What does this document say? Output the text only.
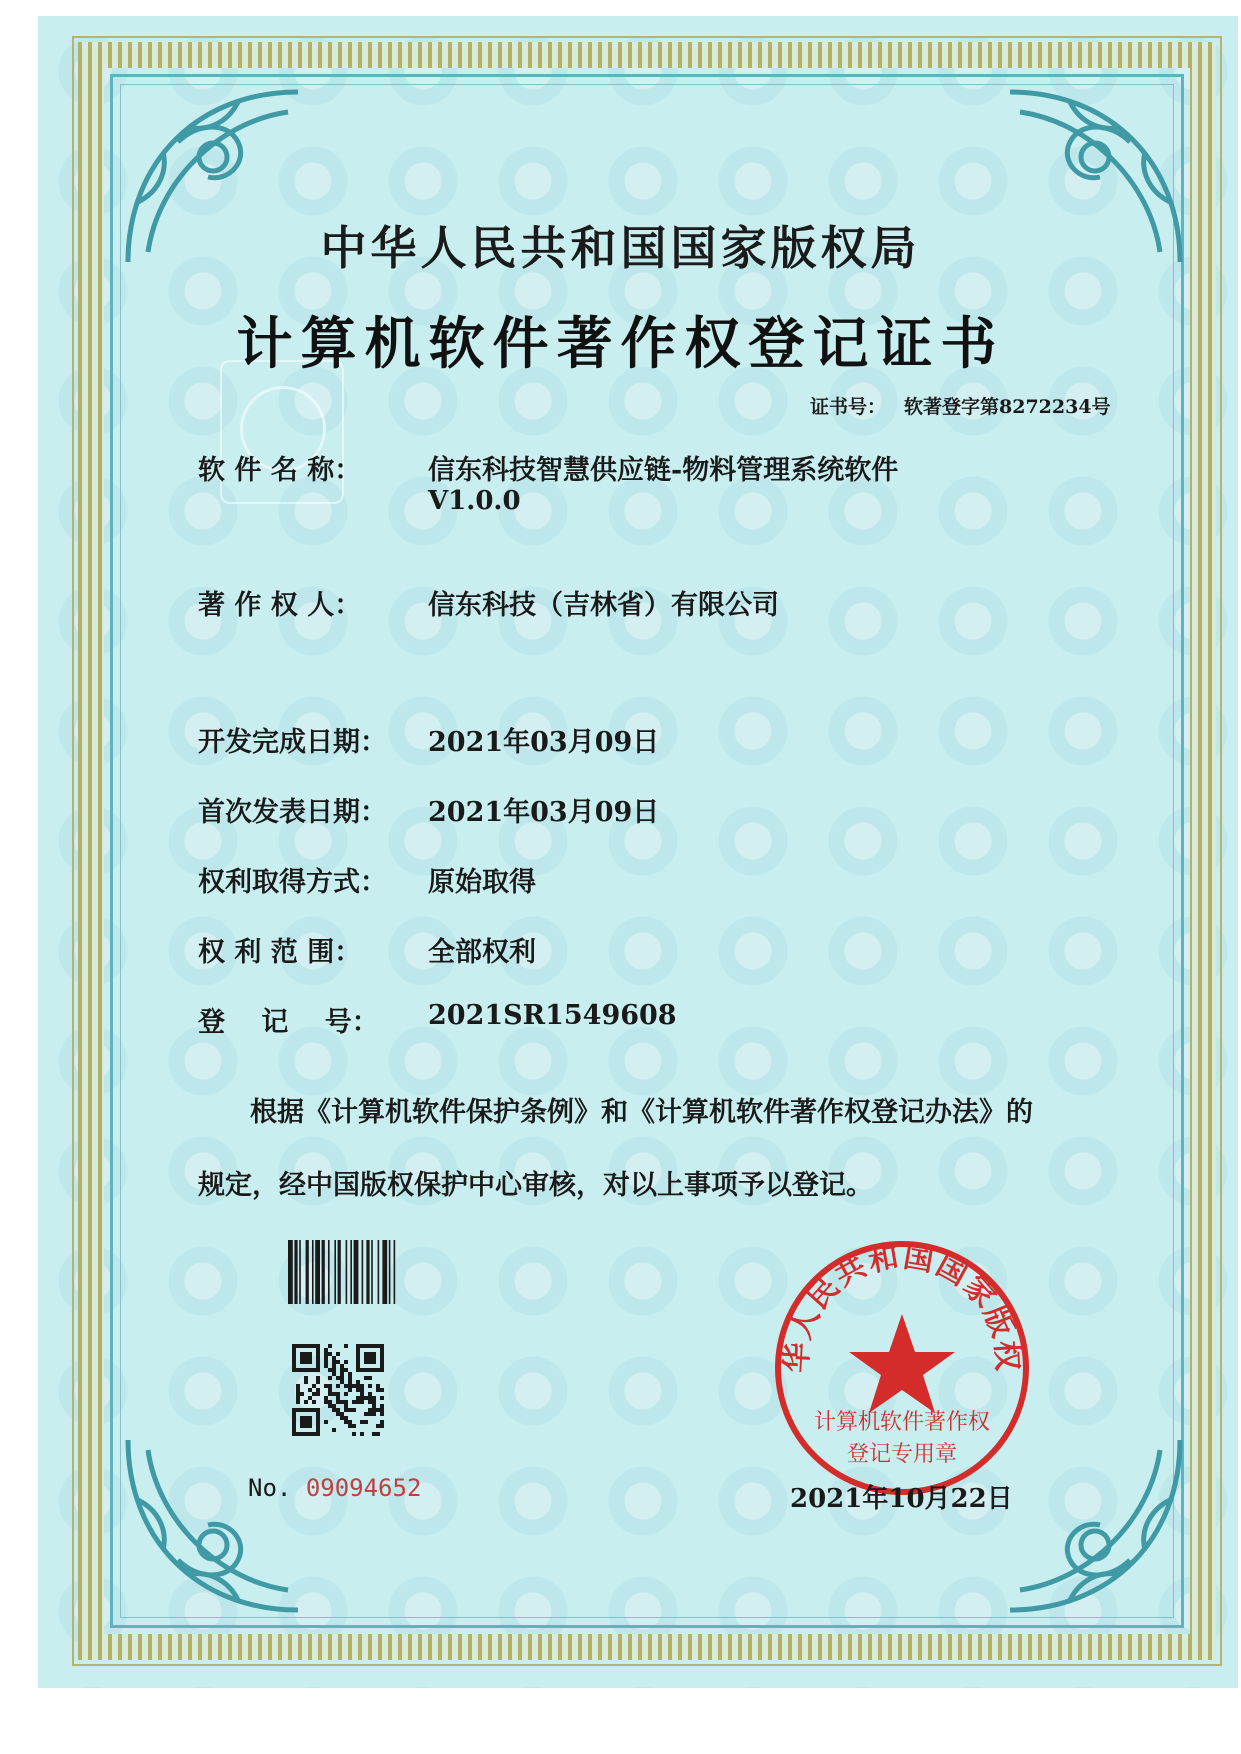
中华人民共和国国家版权局
计算机软件著作权登记证书
证书号： 软著登字第8272234号
软 件 名 称：	信东科技智慧供应链-物料管理系统软件
V1.0.0
著 作 权 人：	信东科技（吉林省）有限公司
开发完成日期：	2021年03月09日
首次发表日期：	2021年03月09日
权利取得方式：	原始取得
权 利 范 围：	全部权利
登　 记　 号：	2021SR1549608
根据《计算机软件保护条例》和《计算机软件著作权登记办法》的
规定，经中国版权保护中心审核，对以上事项予以登记。
No. 09094652
华人民共和国国家版权
计算机软件著作权
登记专用章
2021年10月22日
